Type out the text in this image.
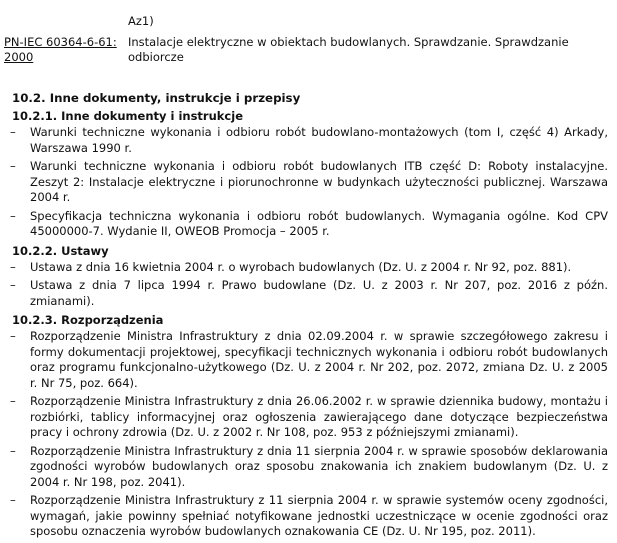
Az1)
PN-IEC 60364-6-61: 2000
Instalacje elektryczne w obiektach budowlanych. Sprawdzanie. Sprawdzanie odbiorcze
10.2. Inne dokumenty, instrukcje i przepisy
10.2.1. Inne dokumenty i instrukcje
– Warunki techniczne wykonania i odbioru robót budowlano-montażowych (tom I, część 4) Arkady, Warszawa 1990 r.
– Warunki techniczne wykonania i odbioru robót budowlanych ITB część D: Roboty instalacyjne. Zeszyt 2: Instalacje elektryczne i piorunochronne w budynkach użyteczności publicznej. Warszawa 2004 r.
– Specyfikacja techniczna wykonania i odbioru robót budowlanych. Wymagania ogólne. Kod CPV 45000000-7. Wydanie II, OWEOB Promocja – 2005 r.
10.2.2. Ustawy
– Ustawa z dnia 16 kwietnia 2004 r. o wyrobach budowlanych (Dz. U. z 2004 r. Nr 92, poz. 881).
– Ustawa z dnia 7 lipca 1994 r. Prawo budowlane (Dz. U. z 2003 r. Nr 207, poz. 2016 z późn. zmianami).
10.2.3. Rozporządzenia
– Rozporządzenie Ministra Infrastruktury z dnia 02.09.2004 r. w sprawie szczegółowego zakresu i formy dokumentacji projektowej, specyfikacji technicznych wykonania i odbioru robót budowlanych oraz programu funkcjonalno-użytkowego (Dz. U. z 2004 r. Nr 202, poz. 2072, zmiana Dz. U. z 2005 r. Nr 75, poz. 664).
– Rozporządzenie Ministra Infrastruktury z dnia 26.06.2002 r. w sprawie dziennika budowy, montażu i rozbiórki, tablicy informacyjnej oraz ogłoszenia zawierającego dane dotyczące bezpieczeństwa pracy i ochrony zdrowia (Dz. U. z 2002 r. Nr 108, poz. 953 z późniejszymi zmianami).
– Rozporządzenie Ministra Infrastruktury z dnia 11 sierpnia 2004 r. w sprawie sposobów deklarowania zgodności wyrobów budowlanych oraz sposobu znakowania ich znakiem budowlanym (Dz. U. z 2004 r. Nr 198, poz. 2041).
– Rozporządzenie Ministra Infrastruktury z 11 sierpnia 2004 r. w sprawie systemów oceny zgodności, wymagań, jakie powinny spełniać notyfikowane jednostki uczestniczące w ocenie zgodności oraz sposobu oznaczenia wyrobów budowlanych oznakowania CE (Dz. U. Nr 195, poz. 2011).
